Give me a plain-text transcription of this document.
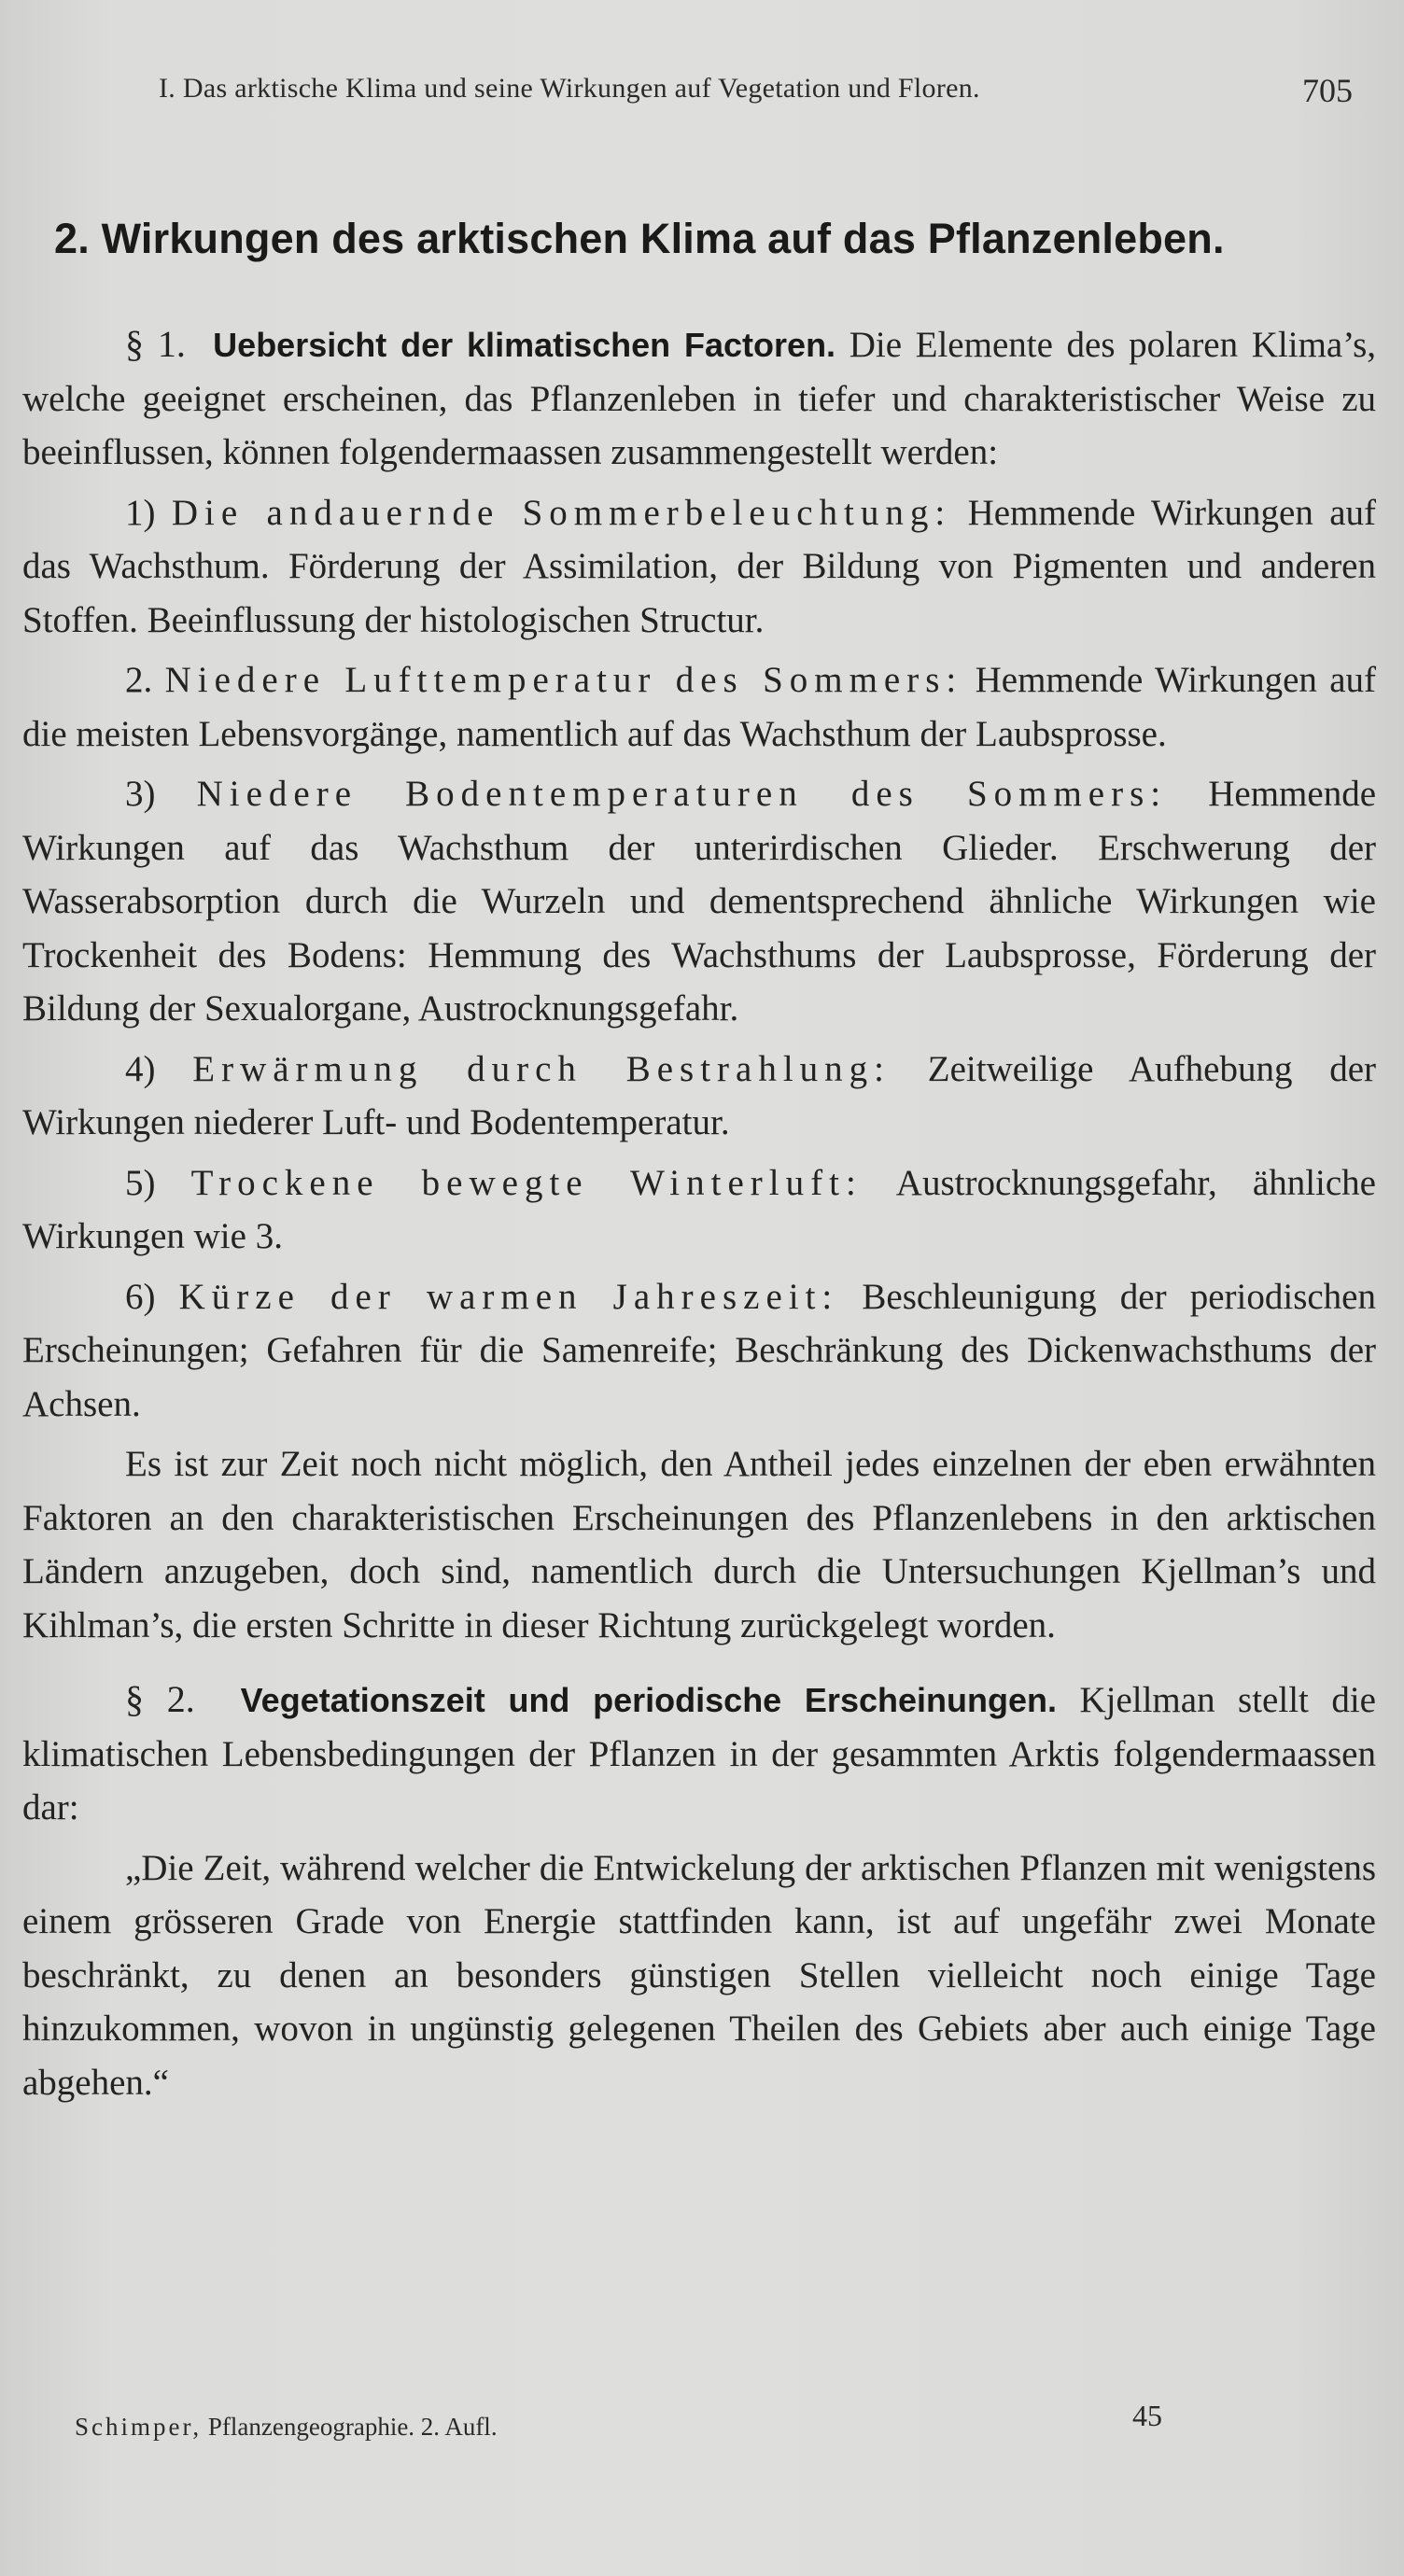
I. Das arktische Klima und seine Wirkungen auf Vegetation und Floren.	705
2. Wirkungen des arktischen Klima auf das Pflanzenleben.

§ 1. Uebersicht der klimatischen Factoren. Die Elemente des polaren Klima’s, welche geeignet erscheinen, das Pflanzenleben in tiefer und charakteristischer Weise zu beeinflussen, können folgendermaassen zusammengestellt werden:

1) Die andauernde Sommerbeleuchtung: Hemmende Wirkungen auf das Wachsthum. Förderung der Assimilation, der Bildung von Pigmenten und anderen Stoffen. Beeinflussung der histologischen Structur.

2. Niedere Lufttemperatur des Sommers: Hemmende Wirkungen auf die meisten Lebensvorgänge, namentlich auf das Wachsthum der Laubsprosse.

3) Niedere Bodentemperaturen des Sommers: Hemmende Wirkungen auf das Wachsthum der unterirdischen Glieder. Erschwerung der Wasserabsorption durch die Wurzeln und dementsprechend ähnliche Wirkungen wie Trockenheit des Bodens: Hemmung des Wachsthums der Laubsprosse, Förderung der Bildung der Sexualorgane, Austrocknungsgefahr.

4) Erwärmung durch Bestrahlung: Zeitweilige Aufhebung der Wirkungen niederer Luft- und Bodentemperatur.

5) Trockene bewegte Winterluft: Austrocknungsgefahr, ähnliche Wirkungen wie 3.

6) Kürze der warmen Jahreszeit: Beschleunigung der periodischen Erscheinungen; Gefahren für die Samenreife; Beschränkung des Dickenwachsthums der Achsen.

Es ist zur Zeit noch nicht möglich, den Antheil jedes einzelnen der eben erwähnten Faktoren an den charakteristischen Erscheinungen des Pflanzenlebens in den arktischen Ländern anzugeben, doch sind, namentlich durch die Untersuchungen Kjellman’s und Kihlman’s, die ersten Schritte in dieser Richtung zurückgelegt worden.

§ 2. Vegetationszeit und periodische Erscheinungen. Kjellman stellt die klimatischen Lebensbedingungen der Pflanzen in der gesammten Arktis folgendermaassen dar:

„Die Zeit, während welcher die Entwickelung der arktischen Pflanzen mit wenigstens einem grösseren Grade von Energie stattfinden kann, ist auf ungefähr zwei Monate beschränkt, zu denen an besonders günstigen Stellen vielleicht noch einige Tage hinzukommen, wovon in ungünstig gelegenen Theilen des Gebiets aber auch einige Tage abgehen.“

Schimper, Pflanzengeographie. 2. Aufl.	45
